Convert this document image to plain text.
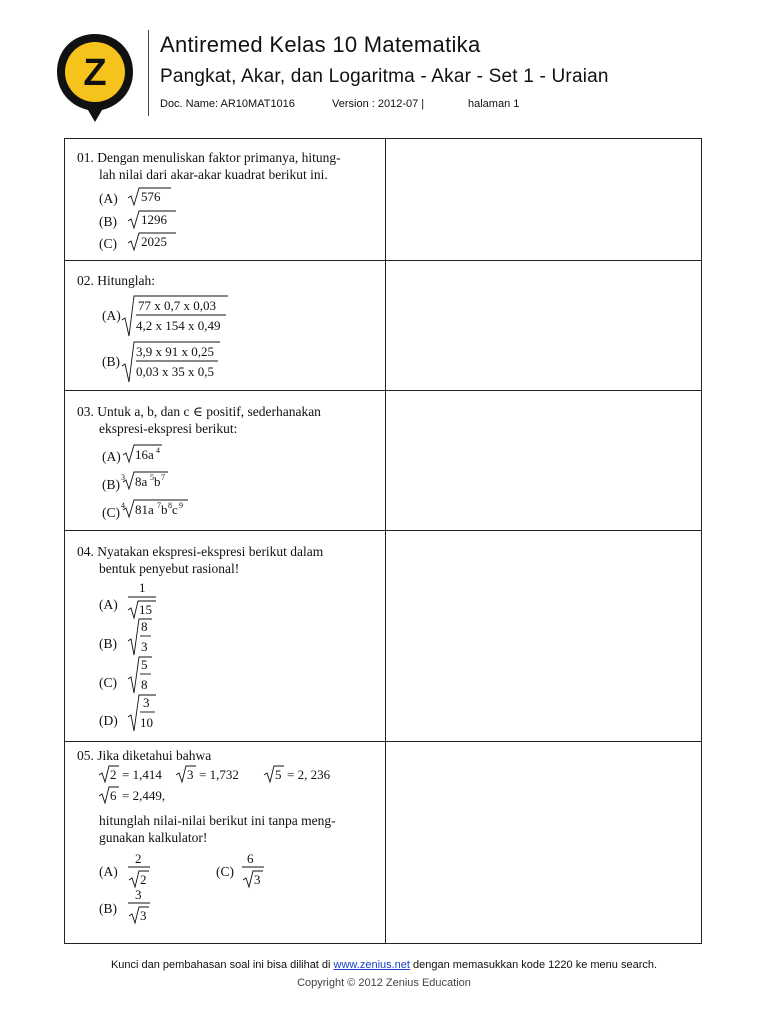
Z
Antiremed Kelas 10 Matematika
Pangkat, Akar, dan Logaritma - Akar - Set 1 - Uraian
Doc. Name: AR10MAT1016	Version : 2012-07 |	halaman 1
01. Dengan menuliskan faktor primanya, hitung-
lah nilai dari akar-akar kuadrat berikut ini.
(A) 576
(B) 1296
(C) 2025
02. Hitunglah:
(A)
77 x 0,7 x 0,03
4,2 x 154 x 0,49
(B)
3,9 x 91 x 0,25
0,03 x 35 x 0,5
03. Untuk a, b, dan c ∈ positif, sederhanakan
ekspresi-ekspresi berikut:
(A) 16a 4
(B) 3 8a 5 b 7
(C) 4 81a 7 b 8 c 9
04. Nyatakan ekspresi-ekspresi berikut dalam
bentuk penyebut rasional!
(A)
1
15
(B)
8
3
(C)
5
8
(D)
3
10
05. Jika diketahui bahwa
2 = 1,414 3 = 1,732	5 = 2, 236
6 = 2,449,
hitunglah nilai-nilai berikut ini tanpa meng-
gunakan kalkulator!
(A)
2
2
(C)
6
3
(B)
3
3
Kunci dan pembahasan soal ini bisa dilihat di www.zenius.net dengan memasukkan kode 1220 ke menu search.
Copyright © 2012 Zenius Education
